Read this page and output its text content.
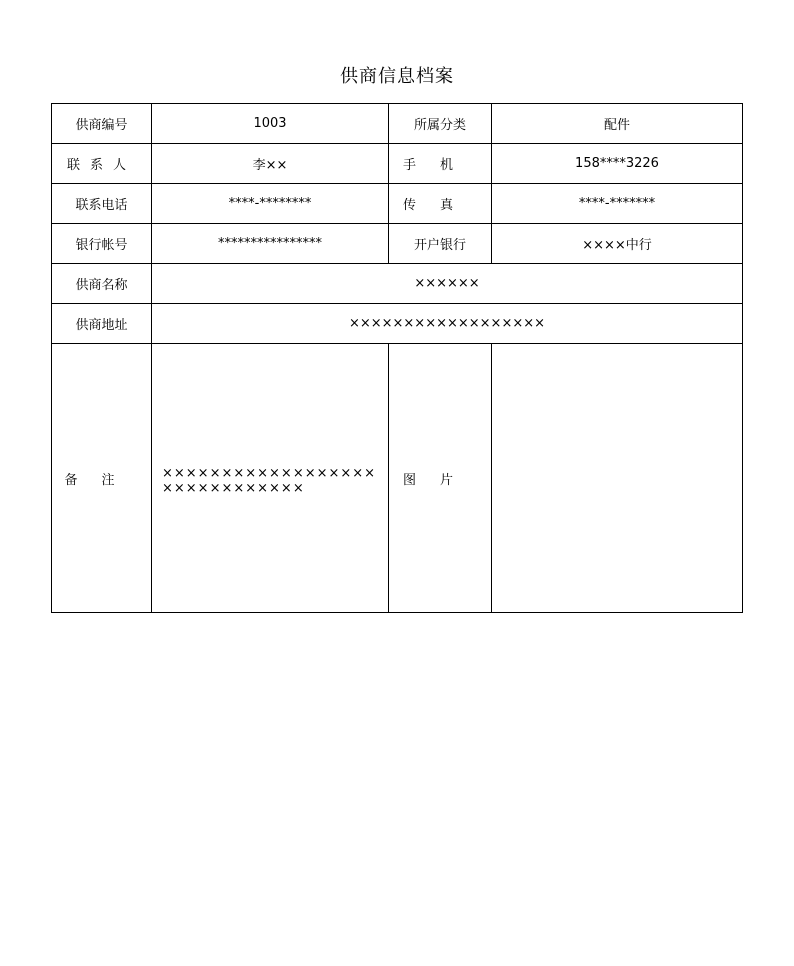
供商信息档案
供商编号	1003	所属分类	配件
联系人	李××	手机	158****3226
联系电话	****-********	传真	****-*******
银行帐号	****************	开户银行	××××中行
供商名称	××××××		
供商地址	××××××××××××××××××		
备注	××××××××××××××××××××××××××××××	图片	
